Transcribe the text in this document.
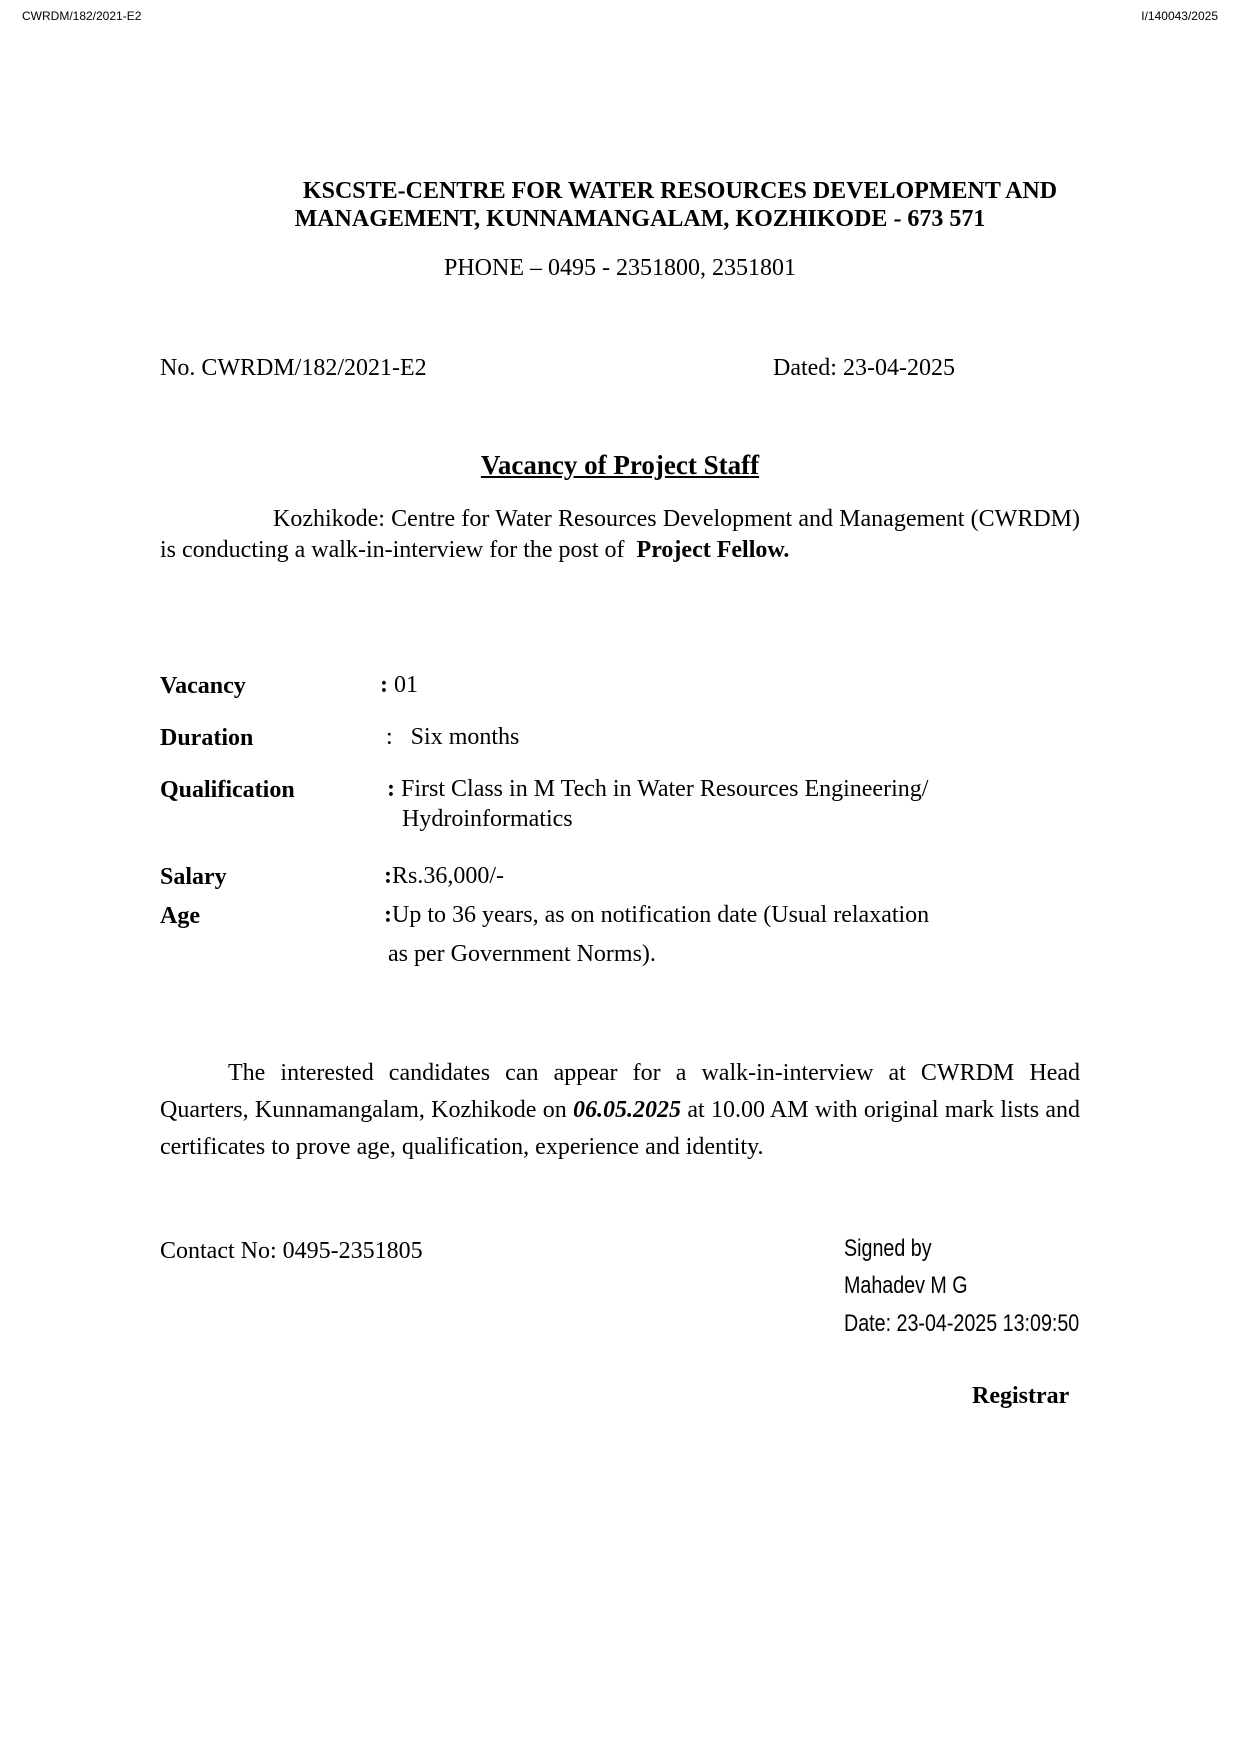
CWRDM/182/2021-E2	I/140043/2025
KSCSTE-CENTRE FOR WATER RESOURCES DEVELOPMENT AND
MANAGEMENT, KUNNAMANGALAM, KOZHIKODE - 673 571
PHONE – 0495 - 2351800, 2351801
No. CWRDM/182/2021-E2	Dated: 23-04-2025
Vacancy of Project Staff
Kozhikode: Centre for Water Resources Development and Management (CWRDM) is conducting a walk-in-interview for the post of Project Fellow.
Vacancy	: 01
Duration	:   Six months
Qualification	: First Class in M Tech in Water Resources Engineering/
Hydroinformatics
Salary	:Rs.36,000/-
Age	:Up to 36 years, as on notification date (Usual relaxation
as per Government Norms).
The interested candidates can appear for a walk-in-interview at CWRDM Head Quarters, Kunnamangalam, Kozhikode on 06.05.2025 at 10.00 AM with original mark lists and certificates to prove age, qualification, experience and identity.
Contact No: 0495-2351805	Signed by
Mahadev M G
Date: 23-04-2025 13:09:50
Registrar
